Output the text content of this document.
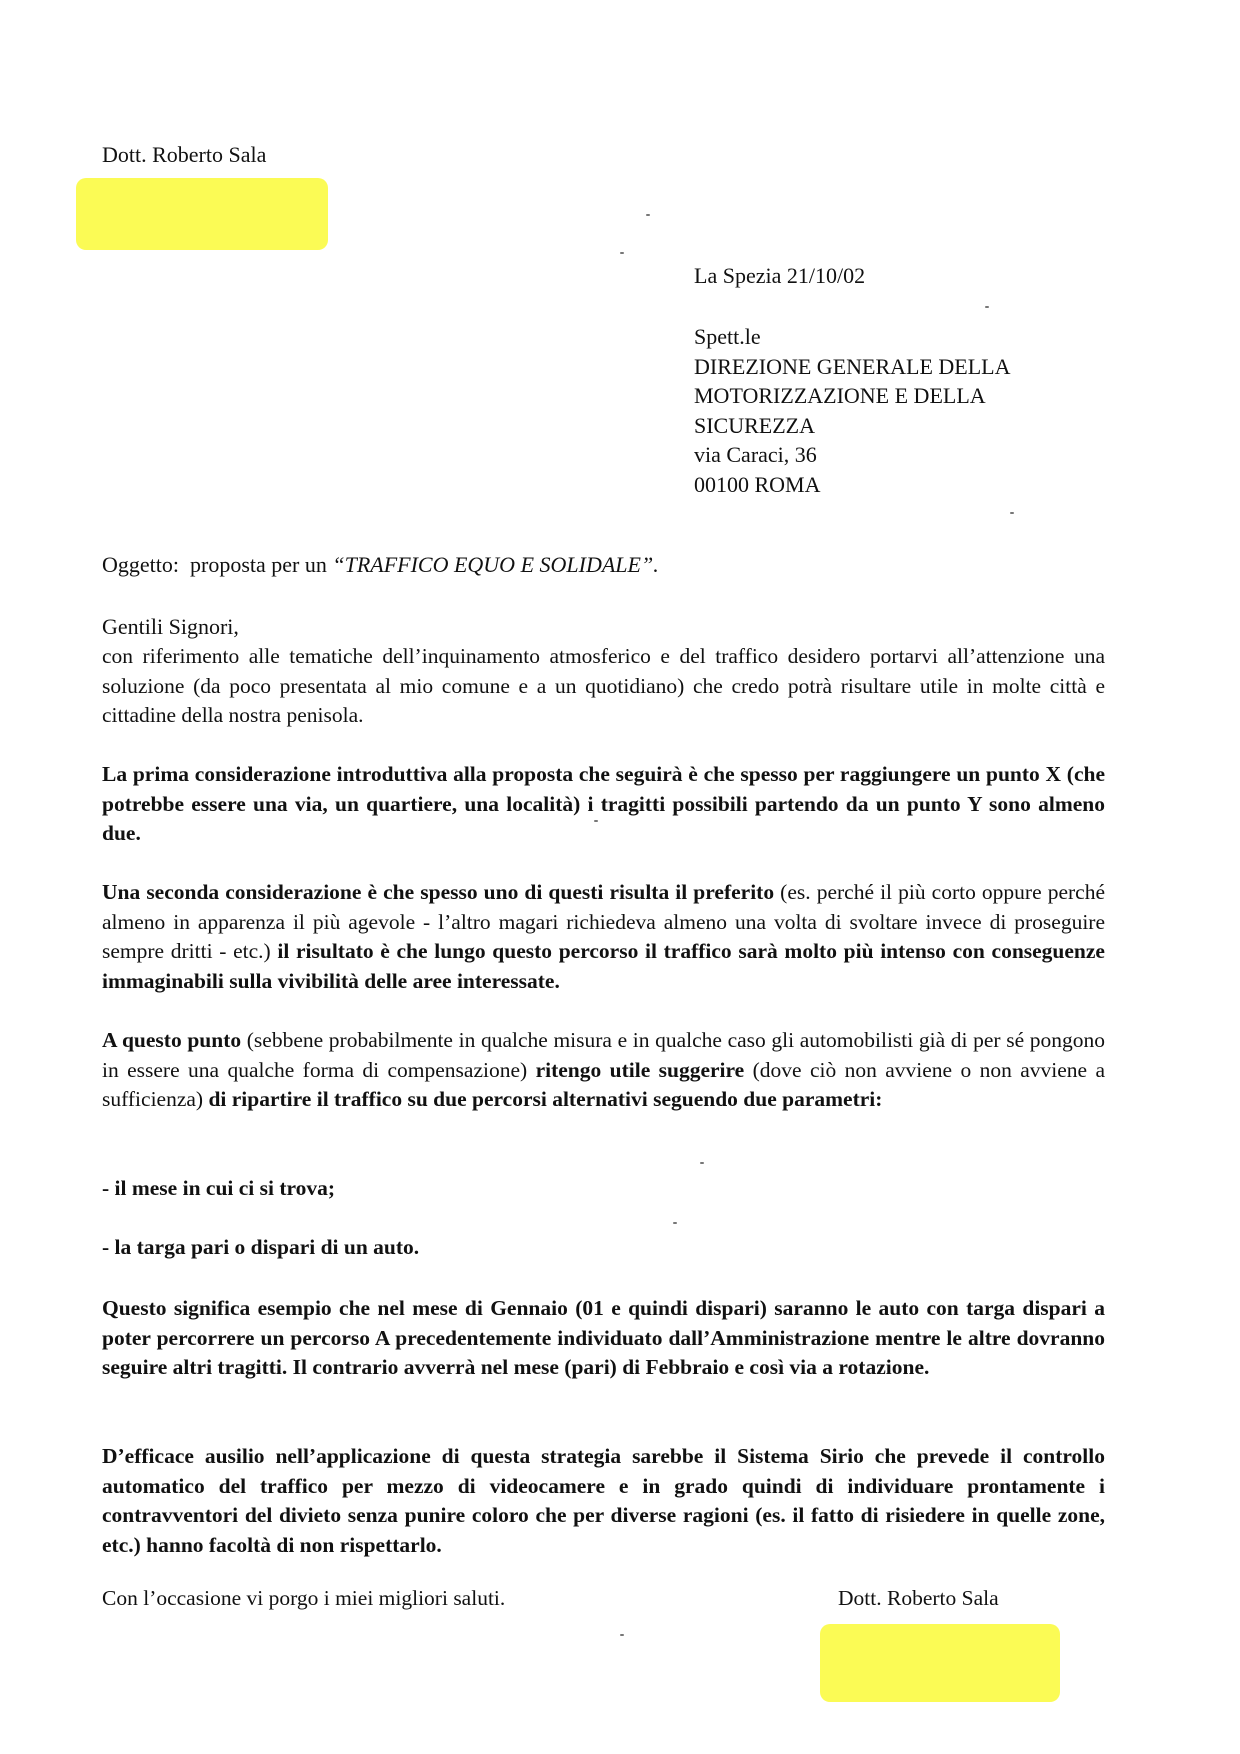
Dott. Roberto Sala
La Spezia 21/10/02
Spett.le
DIREZIONE GENERALE DELLA
MOTORIZZAZIONE E DELLA
SICUREZZA
via Caraci, 36
00100 ROMA
Oggetto: proposta per un “TRAFFICO EQUO E SOLIDALE”.
Gentili Signori,
con riferimento alle tematiche dell’inquinamento atmosferico e del traffico desidero portarvi all’attenzione una soluzione (da poco presentata al mio comune e a un quotidiano) che credo potrà risultare utile in molte città e cittadine della nostra penisola.
La prima considerazione introduttiva alla proposta che seguirà è che spesso per raggiungere un punto X (che potrebbe essere una via, un quartiere, una località) i tragitti possibili partendo da un punto Y sono almeno due.
Una seconda considerazione è che spesso uno di questi risulta il preferito (es. perché il più corto oppure perché almeno in apparenza il più agevole - l’altro magari richiedeva almeno una volta di svoltare invece di proseguire sempre dritti - etc.) il risultato è che lungo questo percorso il traffico sarà molto più intenso con conseguenze immaginabili sulla vivibilità delle aree interessate.
A questo punto (sebbene probabilmente in qualche misura e in qualche caso gli automobilisti già di per sé pongono in essere una qualche forma di compensazione) ritengo utile suggerire (dove ciò non avviene o non avviene a sufficienza) di ripartire il traffico su due percorsi alternativi seguendo due parametri:
- il mese in cui ci si trova;
- la targa pari o dispari di un auto.
Questo significa esempio che nel mese di Gennaio (01 e quindi dispari) saranno le auto con targa dispari a poter percorrere un percorso A precedentemente individuato dall’Amministrazione mentre le altre dovranno seguire altri tragitti. Il contrario avverrà nel mese (pari) di Febbraio e così via a rotazione.
D’efficace ausilio nell’applicazione di questa strategia sarebbe il Sistema Sirio che prevede il controllo automatico del traffico per mezzo di videocamere e in grado quindi di individuare prontamente i contravventori del divieto senza punire coloro che per diverse ragioni (es. il fatto di risiedere in quelle zone, etc.) hanno facoltà di non rispettarlo.
Con l’occasione vi porgo i miei migliori saluti.	Dott. Roberto Sala
